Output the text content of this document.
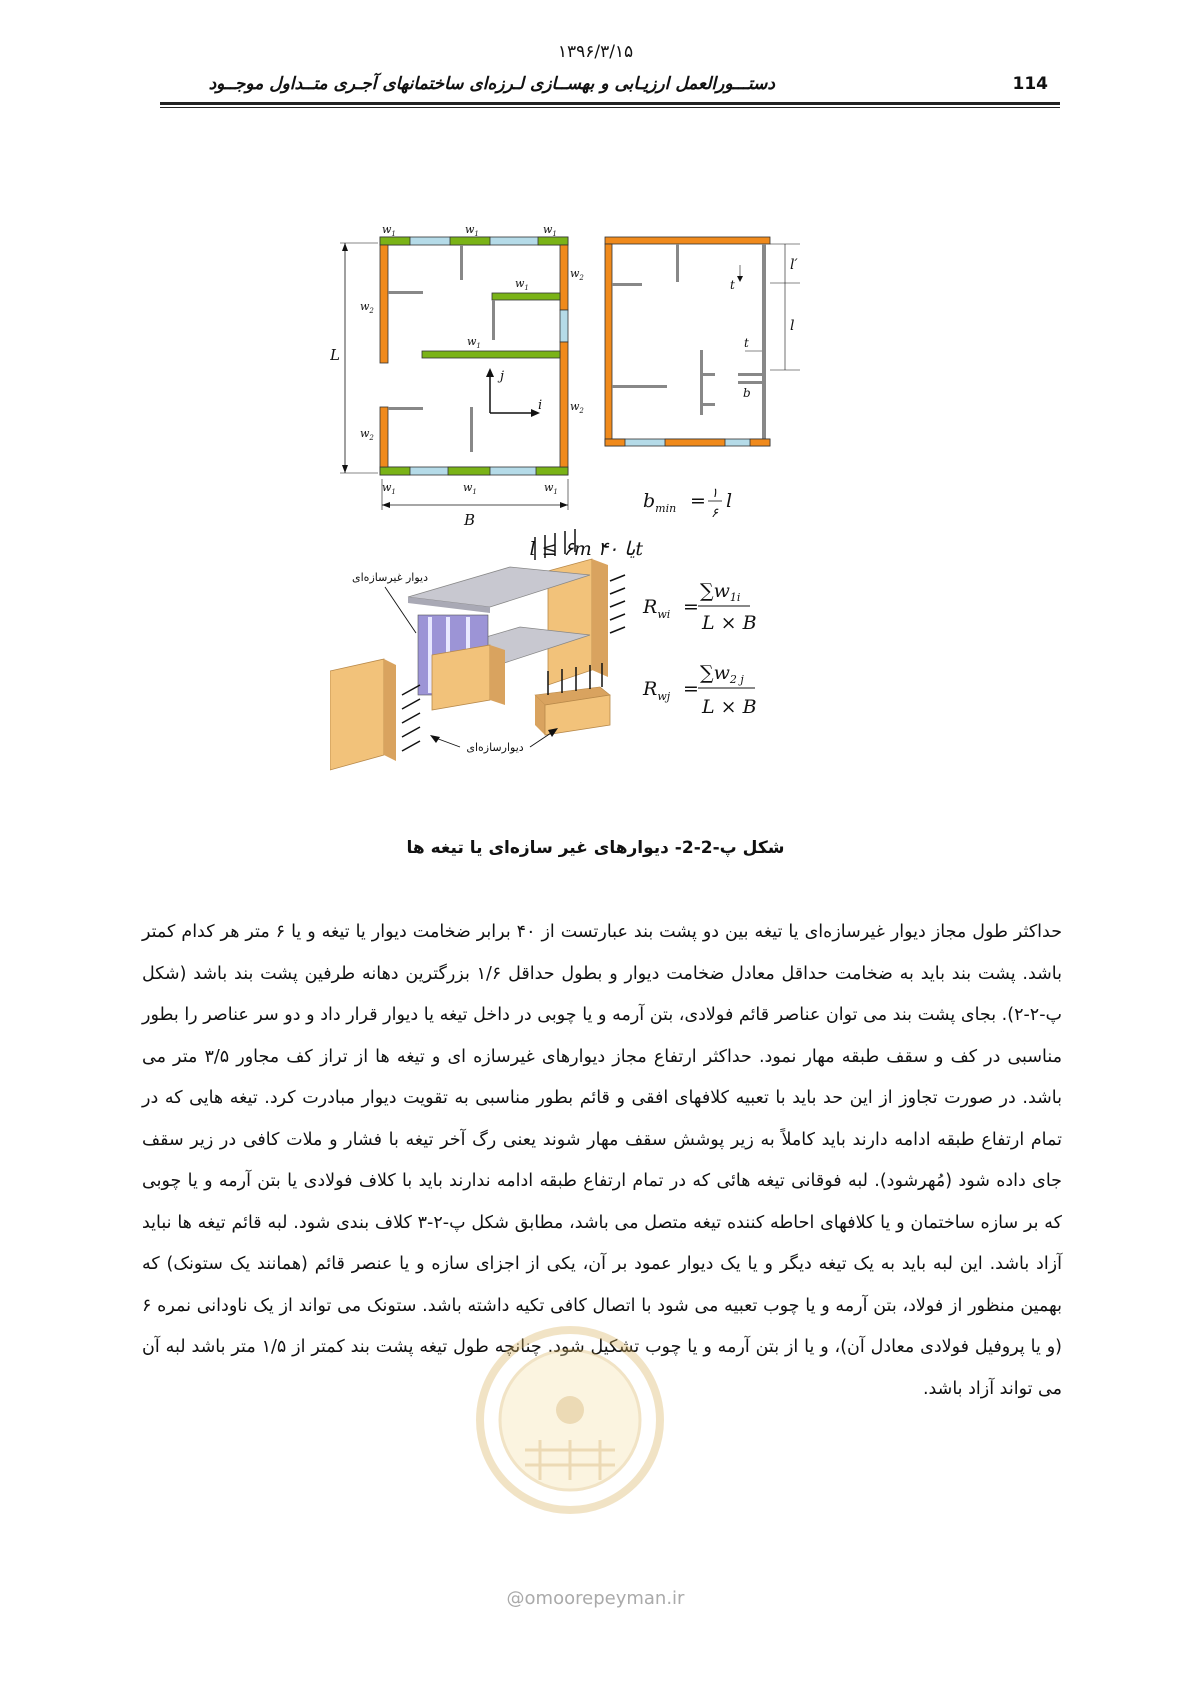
۱۳۹۶/۳/۱۵
دستـــورالعمل ارزیـابی و بهســازی لـرزه‌ای ساختمانهای آجـری متــداول موجــود	114
j
i
$w_1$	$w_1$	$w_1$
$w_2$
$w_2$
$w_1$
$w_1$
$w_2$
$w_2$
$w_1$	$w_1$	$w_1$
L
B
l′
l
t
t
b
$b_{min}$ = ۱
۶
l
l ≤ ۶m یا ۴۰t
$R_{wi}$ =
$\sum w_{1i}$
L × B
$R_{wj}$ =
$\sum w_{2 j}$
L × B
دیوار غیرسازه‌ای
دیوارسازه‌ای
شکل پ-2-2- دیوارهای غیر سازه‌ای یا تیغه ها
حداکثر طول مجاز دیوار غیرسازه‌ای یا تیغه بین دو پشت بند عبارتست از ۴۰ برابر ضخامت دیوار یا تیغه و یا ۶ متر هر کدام کمتر باشد. پشت بند باید به ضخامت حداقل معادل ضخامت دیوار و بطول حداقل ۱/۶ بزرگترین دهانه طرفین پشت بند باشد (شکل پ-۲-۲). بجای پشت بند می توان عناصر قائم فولادی، بتن آرمه و یا چوبی در داخل تیغه یا دیوار قرار داد و دو سر عناصر را بطور مناسبی در کف و سقف طبقه مهار نمود. حداکثر ارتفاع مجاز دیوارهای غیرسازه ای و تیغه ها از تراز کف مجاور ۳/۵ متر می باشد. در صورت تجاوز از این حد باید با تعبیه کلافهای افقی و قائم بطور مناسبی به تقویت دیوار مبادرت کرد. تیغه هایی که در تمام ارتفاع طبقه ادامه دارند باید کاملاً به زیر پوشش سقف مهار شوند یعنی رگ آخر تیغه با فشار و ملات کافی در زیر سقف جای داده شود (مُهرشود). لبه فوقانی تیغه هائی که در تمام ارتفاع طبقه ادامه ندارند باید با کلاف فولادی یا بتن آرمه و یا چوبی که بر سازه ساختمان و یا کلافهای احاطه کننده تیغه متصل می باشد، مطابق شکل پ-۲-۳ کلاف بندی شود. لبه قائم تیغه ها نباید آزاد باشد. این لبه باید به یک تیغه دیگر و یا یک دیوار عمود بر آن، یکی از اجزای سازه و یا عنصر قائم (همانند یک ستونک) که بهمین منظور از فولاد، بتن آرمه و یا چوب تعبیه می شود با اتصال کافی تکیه داشته باشد. ستونک می تواند از یک ناودانی نمره ۶ (و یا پروفیل فولادی معادل آن)، و یا از بتن آرمه و یا چوب تشکیل شود. چنانچه طول تیغه پشت بند کمتر از ۱/۵ متر باشد لبه آن می تواند آزاد باشد.
@omoorepeyman.ir
